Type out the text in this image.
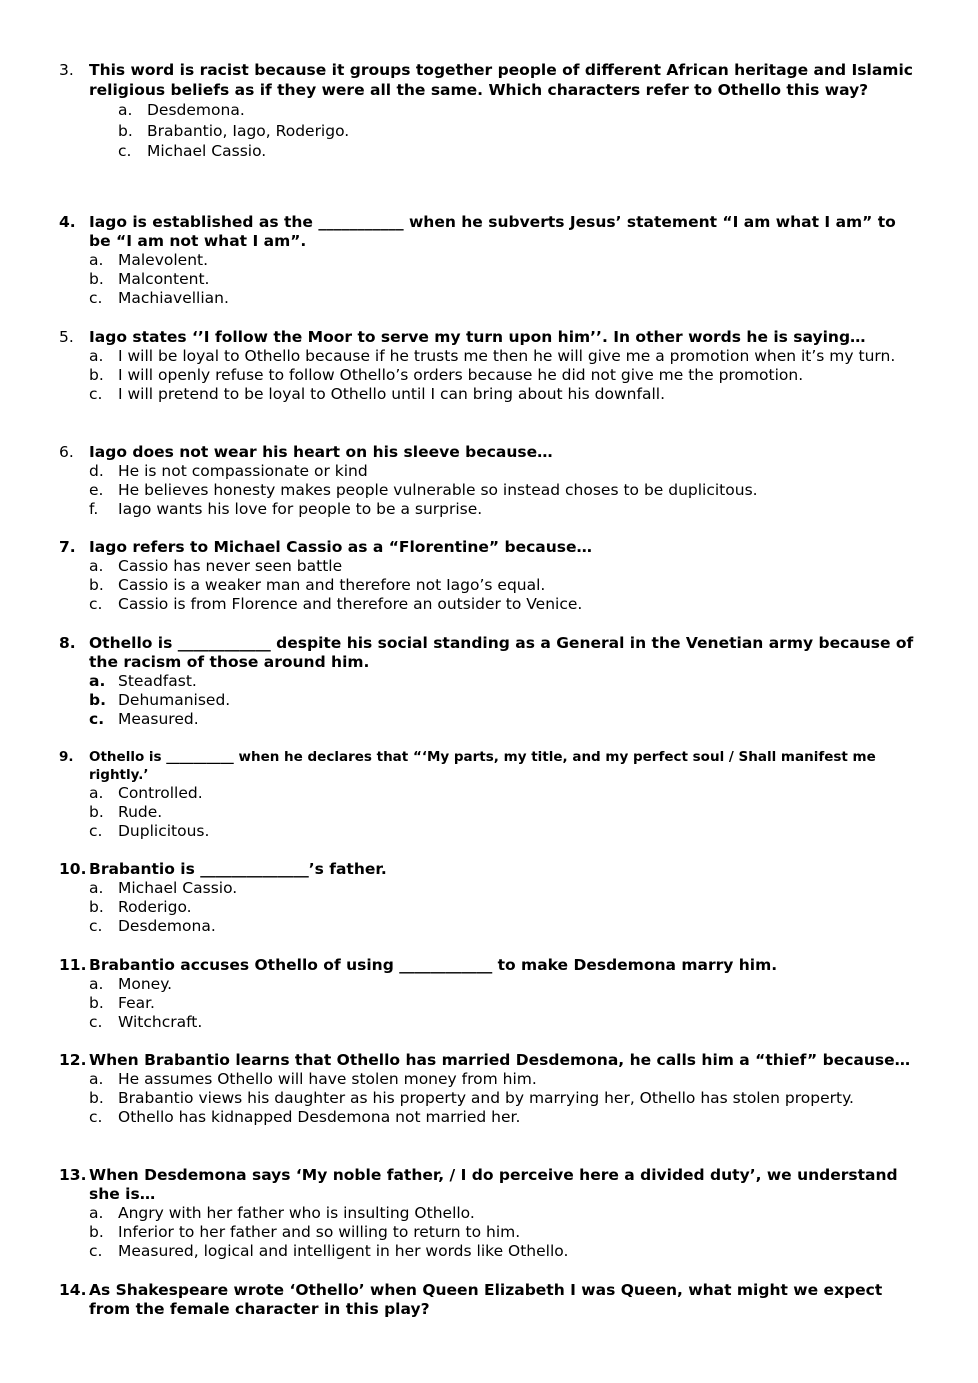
3. This word is racist because it groups together people of different African heritage and Islamic religious beliefs as if they were all the same. Which characters refer to Othello this way?
a. Desdemona.
b. Brabantio, Iago, Roderigo.
c.	Michael Cassio.
4. Iago is established as the ___________ when he subverts Jesus’ statement “I am what I am” to be “I am not what I am”.
a. Malevolent.
b. Malcontent.
c.	Machiavellian.
5. Iago states ‘’I follow the Moor to serve my turn upon him’’. In other words he is saying…
a. I will be loyal to Othello because if he trusts me then he will give me a promotion when it’s my turn.
b. I will openly refuse to follow Othello’s orders because he did not give me the promotion.
c.	I will pretend to be loyal to Othello until I can bring about his downfall.
6. Iago does not wear his heart on his sleeve because…
d. He is not compassionate or kind
e. He believes honesty makes people vulnerable so instead choses to be duplicitous.
f.	Iago wants his love for people to be a surprise.
7. Iago refers to Michael Cassio as a “Florentine” because…
a. Cassio has never seen battle
b. Cassio is a weaker man and therefore not Iago’s equal.
c.	Cassio is from Florence and therefore an outsider to Venice.
8. Othello is ____________ despite his social standing as a General in the Venetian army because of the racism of those around him.
a. Steadfast.
b. Dehumanised.
c. Measured.
9.	Othello is __________ when he declares that “‘My parts, my title, and my perfect soul / Shall manifest me rightly.’
a. Controlled.
b. Rude.
c.	Duplicitous.
10. Brabantio is ______________’s father.
a. Michael Cassio.
b. Roderigo.
c.	Desdemona.
11. Brabantio accuses Othello of using ____________ to make Desdemona marry him.
a. Money.
b. Fear.
c.	Witchcraft.
12. When Brabantio learns that Othello has married Desdemona, he calls him a “thief” because…
a. He assumes Othello will have stolen money from him.
b. Brabantio views his daughter as his property and by marrying her, Othello has stolen property.
c.	Othello has kidnapped Desdemona not married her.
13. When Desdemona says ‘My noble father, / I do perceive here a divided duty’, we understand she is…
a. Angry with her father who is insulting Othello.
b. Inferior to her father and so willing to return to him.
c.	Measured, logical and intelligent in her words like Othello.
14. As Shakespeare wrote ‘Othello’ when Queen Elizabeth I was Queen, what might we expect from the female character in this play?
